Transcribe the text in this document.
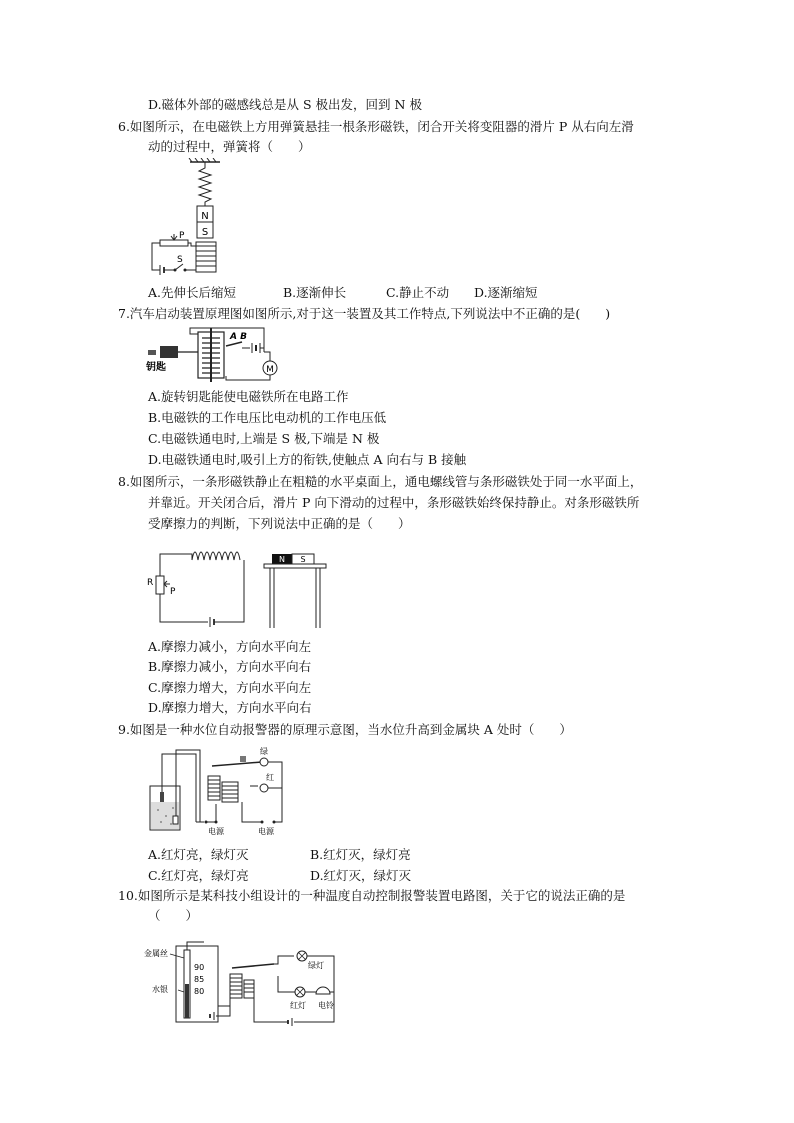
D.磁体外部的磁感线总是从 S 极出发，回到 N 极
6.如图所示，在电磁铁上方用弹簧悬挂一根条形磁铁，闭合开关将变阻器的滑片 P 从右向左滑
动的过程中，弹簧将（　　）
N
S
P
S
A.先伸长后缩短	B.逐渐伸长	C.静止不动 D.逐渐缩短
7.汽车启动装置原理图如图所示,对于这一装置及其工作特点,下列说法中不正确的是(　　)
钥匙
A B
M
A.旋转钥匙能使电磁铁所在电路工作
B.电磁铁的工作电压比电动机的工作电压低
C.电磁铁通电时,上端是 S 极,下端是 N 极
D.电磁铁通电时,吸引上方的衔铁,使触点 A 向右与 B 接触
8.如图所示，一条形磁铁静止在粗糙的水平桌面上，通电螺线管与条形磁铁处于同一水平面上，
并靠近。开关闭合后，滑片 P 向下滑动的过程中，条形磁铁始终保持静止。对条形磁铁所
受摩擦力的判断，下列说法中正确的是（　　）
R
P
N S
A.摩擦力减小，方向水平向左
B.摩擦力减小，方向水平向右
C.摩擦力增大，方向水平向左
D.摩擦力增大，方向水平向右
9.如图是一种水位自动报警器的原理示意图，当水位升高到金属块 A 处时（　　）
电源
绿
红
电源
A.红灯亮，绿灯灭	B.红灯灭，绿灯亮
C.红灯亮，绿灯亮	D.红灯灭，绿灯灭
10.如图所示是某科技小组设计的一种温度自动控制报警装置电路图，关于它的说法正确的是
（　　）
金属丝
水银
90
85
80
绿灯
红灯 电铃
